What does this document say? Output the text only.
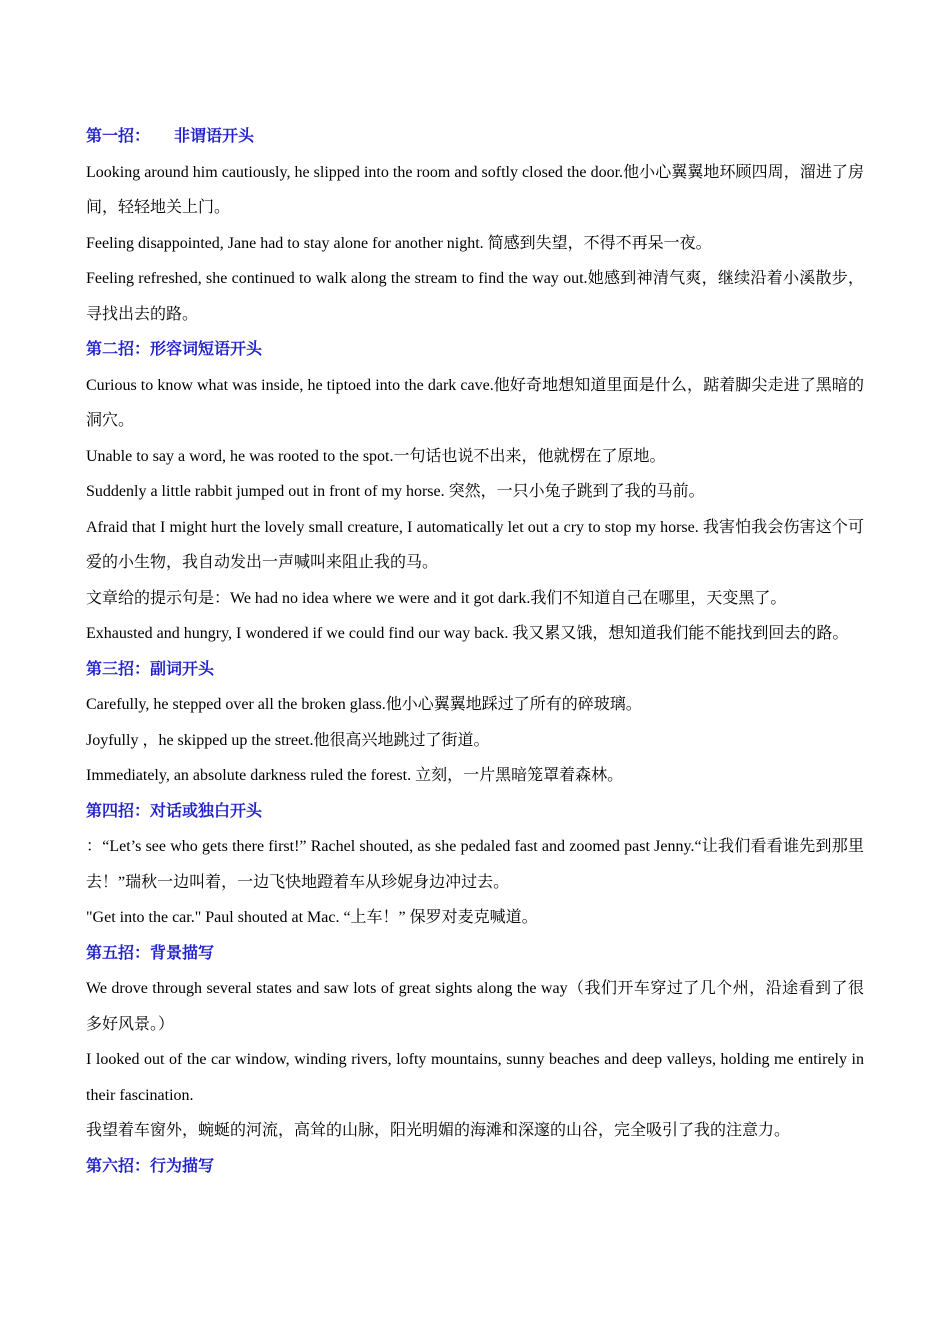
第一招： 非谓语开头

Looking around him cautiously, he slipped into the room and softly closed the door.他小心翼翼地环顾四周，溜进了房间，轻轻地关上门。

Feeling disappointed, Jane had to stay alone for another night. 简感到失望，不得不再呆一夜。

Feeling refreshed, she continued to walk along the stream to find the way out.她感到神清气爽，继续沿着小溪散步，寻找出去的路。

第二招：形容词短语开头

Curious to know what was inside, he tiptoed into the dark cave.他好奇地想知道里面是什么，踮着脚尖走进了黑暗的洞穴。

Unable to say a word, he was rooted to the spot.一句话也说不出来，他就楞在了原地。

Suddenly a little rabbit jumped out in front of my horse. 突然，一只小兔子跳到了我的马前。

Afraid that I might hurt the lovely small creature, I automatically let out a cry to stop my horse. 我害怕我会伤害这个可爱的小生物，我自动发出一声喊叫来阻止我的马。

文章给的提示句是：We had no idea where we were and it got dark.我们不知道自己在哪里，天变黑了。

Exhausted and hungry, I wondered if we could find our way back. 我又累又饿，想知道我们能不能找到回去的路。

第三招：副词开头

Carefully, he stepped over all the broken glass.他小心翼翼地踩过了所有的碎玻璃。

Joyfully ，he skipped up the street.他很高兴地跳过了街道。

Immediately, an absolute darkness ruled the forest. 立刻，一片黑暗笼罩着森林。

第四招：对话或独白开头

：“Let’s see who gets there first!” Rachel shouted, as she pedaled fast and zoomed past Jenny.“让我们看看谁先到那里去！”瑞秋一边叫着，一边飞快地蹬着车从珍妮身边冲过去。

"Get into the car." Paul shouted at Mac. “上车！” 保罗对麦克喊道。

第五招：背景描写

We drove through several states and saw lots of great sights along the way（我们开车穿过了几个州，沿途看到了很多好风景。）

I looked out of the car window, winding rivers, lofty mountains, sunny beaches and deep valleys, holding me entirely in their fascination.

我望着车窗外，蜿蜒的河流，高耸的山脉，阳光明媚的海滩和深邃的山谷，完全吸引了我的注意力。

第六招：行为描写
